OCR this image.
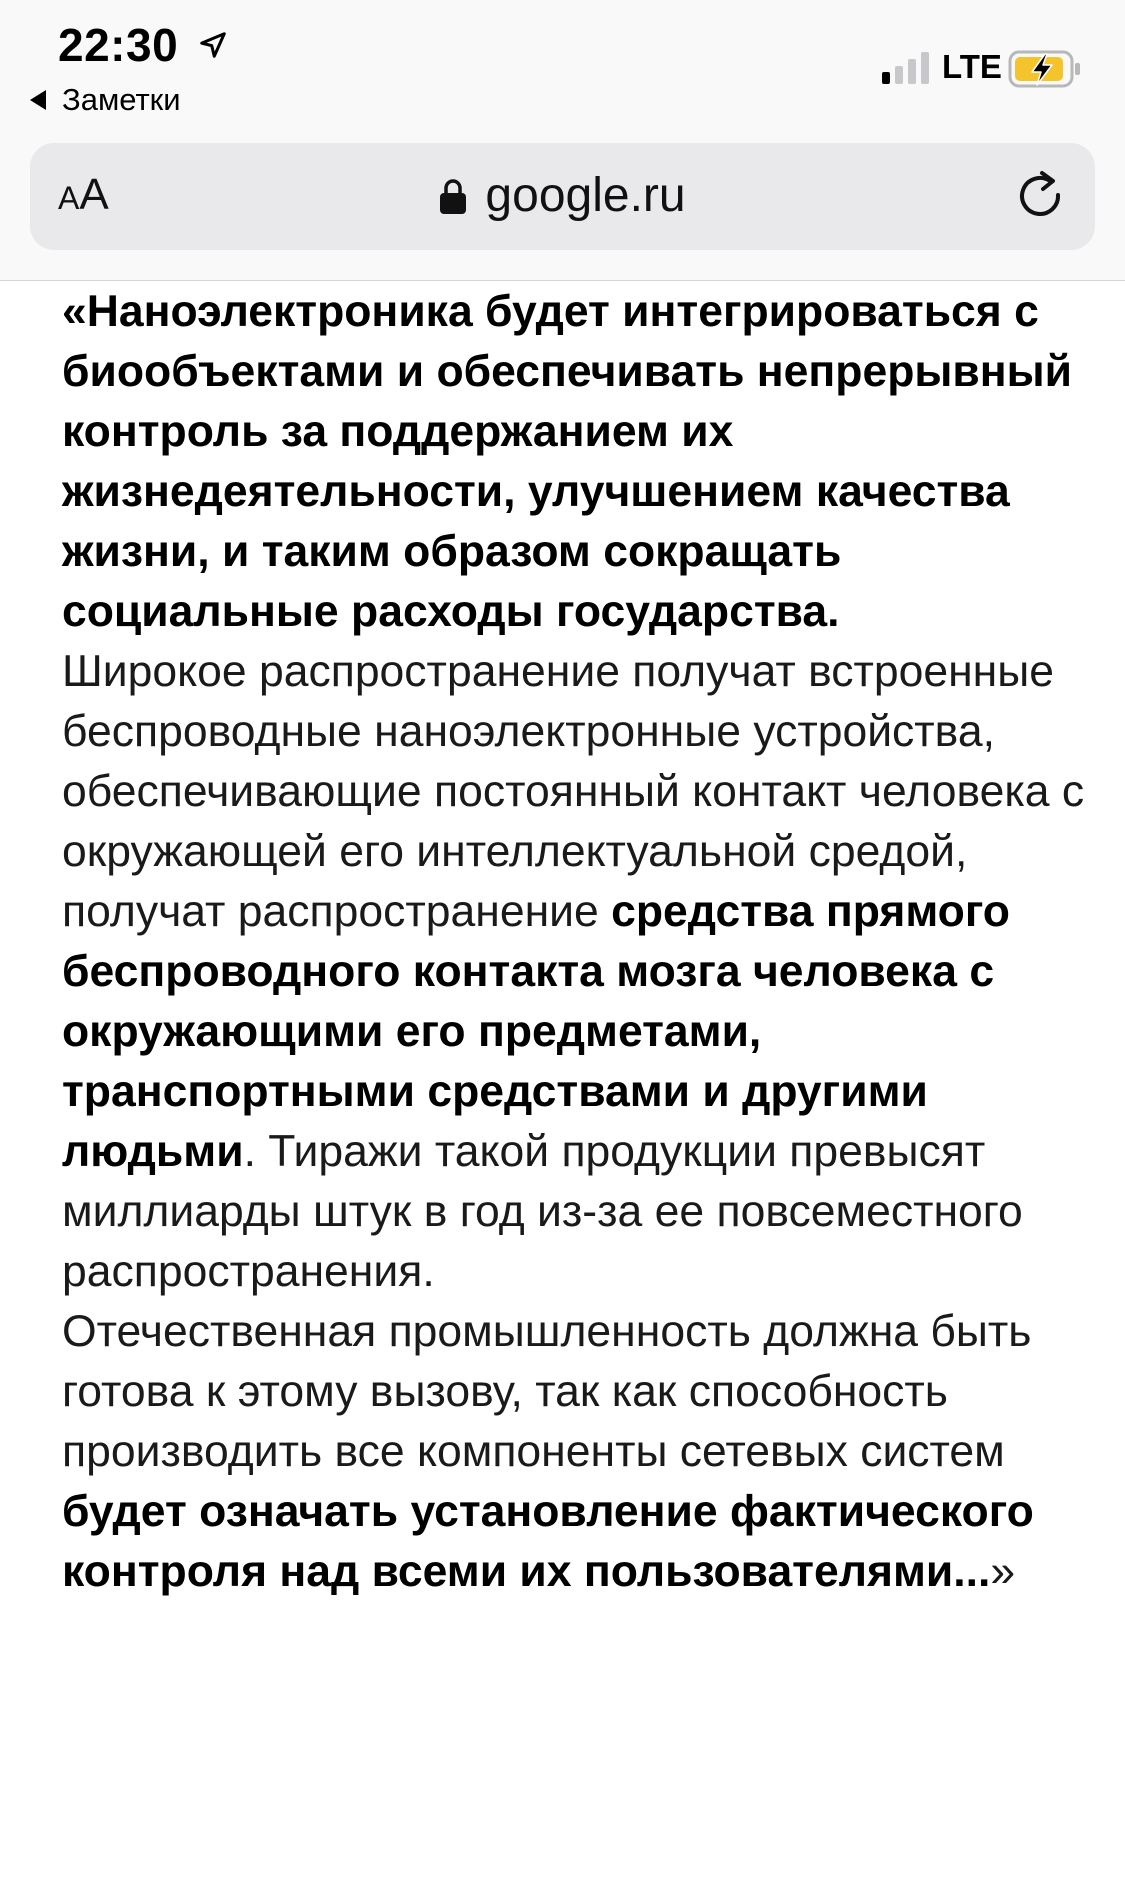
22:30
Заметки
LTE
AA	google.ru

«Наноэлектроника будет интегрироваться с биообъектами и обеспечивать непрерывный контроль за поддержанием их жизнедеятельности, улучшением качества жизни, и таким образом сокращать социальные расходы государства.

Широкое распространение получат встроенные беспроводные наноэлектронные устройства, обеспечивающие постоянный контакт человека с окружающей его интеллектуальной средой, получат распространение средства прямого беспроводного контакта мозга человека с окружающими его предметами, транспортными средствами и другими людьми. Тиражи такой продукции превысят миллиарды штук в год из-за ее повсеместного распространения.

Отечественная промышленность должна быть готова к этому вызову, так как способность производить все компоненты сетевых систем будет означать установление фактического контроля над всеми их пользователями...»
